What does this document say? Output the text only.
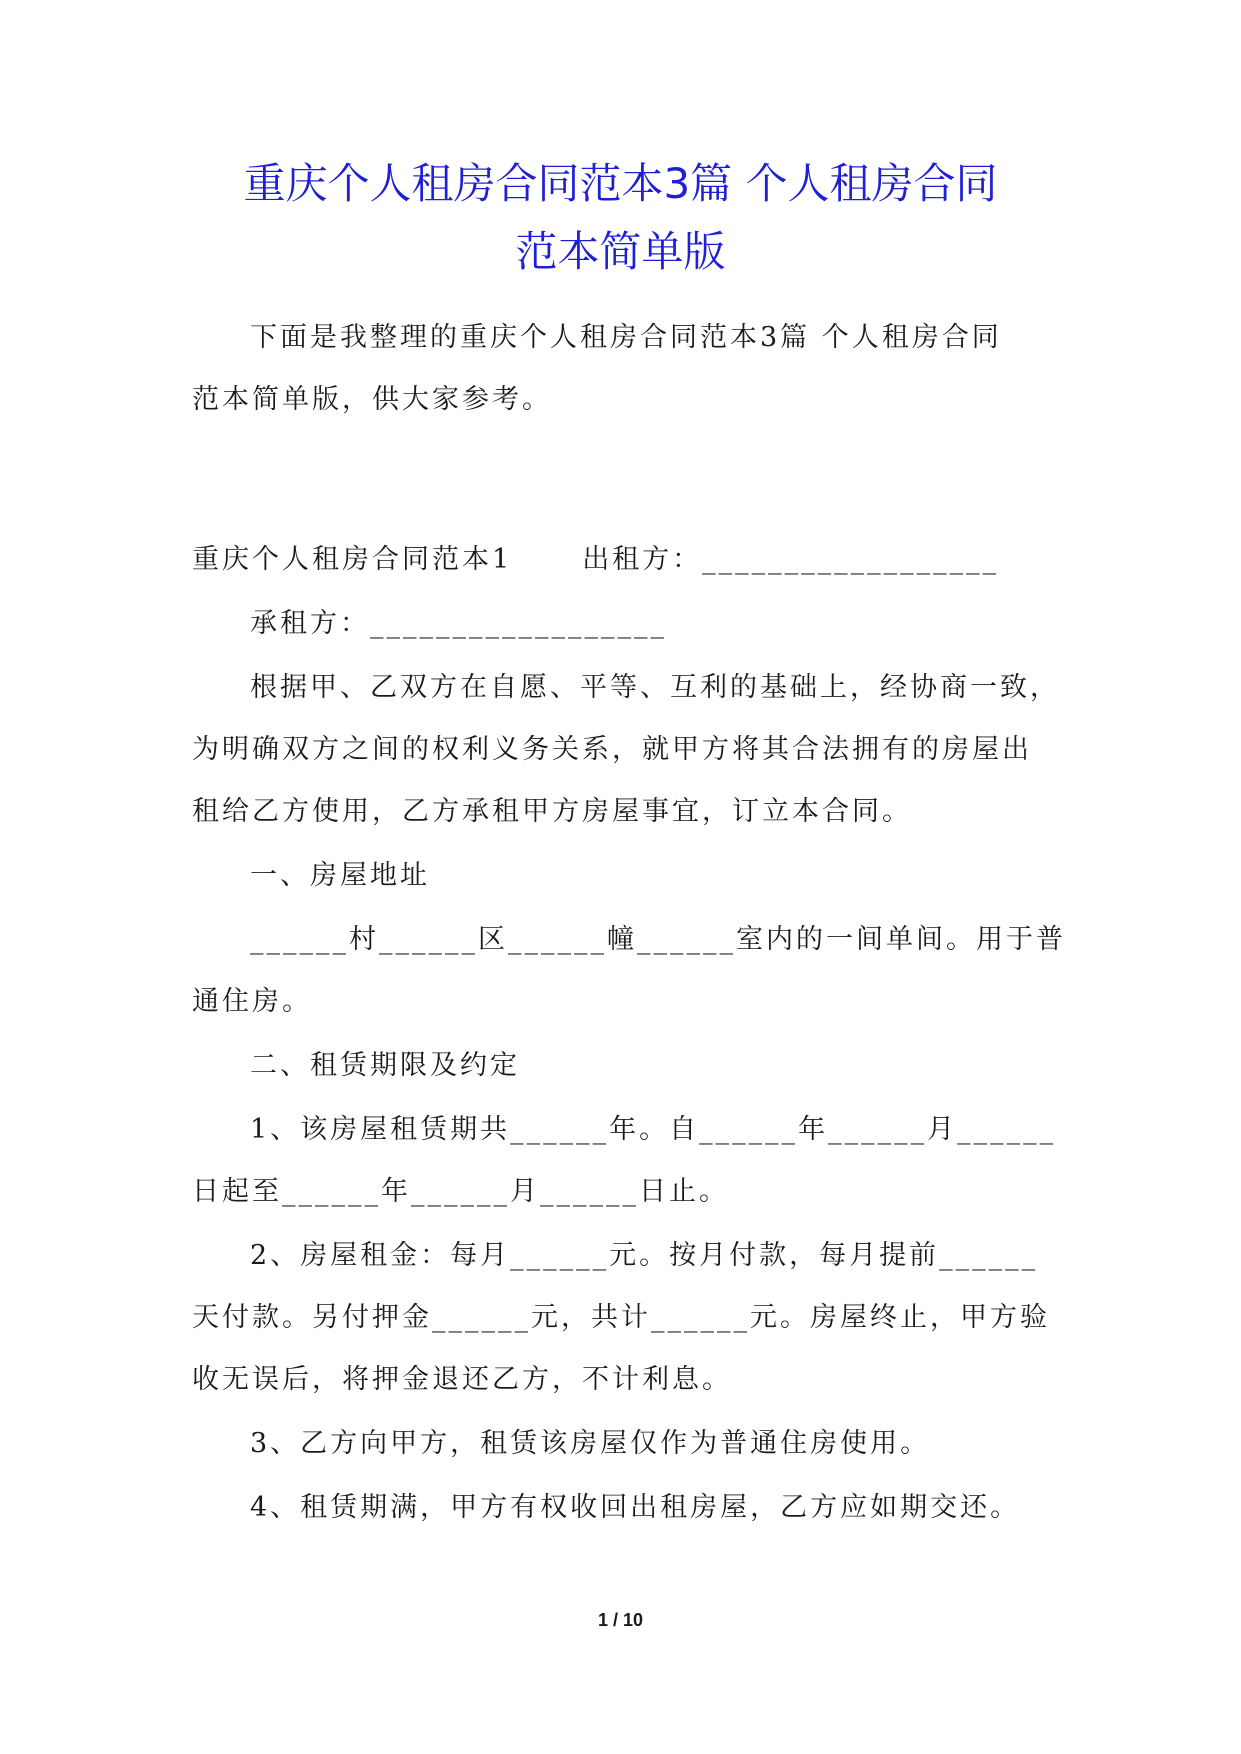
重庆个人租房合同范本3篇 个人租房合同
范本简单版

下面是我整理的重庆个人租房合同范本3篇 个人租房合同

范本简单版，供大家参考。

重庆个人租房合同范本1	出租方：__________________

承租方：__________________

根据甲、乙双方在自愿、平等、互利的基础上，经协商一致，

为明确双方之间的权利义务关系，就甲方将其合法拥有的房屋出

租给乙方使用，乙方承租甲方房屋事宜，订立本合同。

一、房屋地址

______村______区______幢______室内的一间单间。用于普

通住房。

二、租赁期限及约定

1、该房屋租赁期共______年。自______年______月______

日起至______年______月______日止。

2、房屋租金：每月______元。按月付款，每月提前______

天付款。另付押金______元，共计______元。房屋终止，甲方验

收无误后，将押金退还乙方，不计利息。

3、乙方向甲方，租赁该房屋仅作为普通住房使用。

4、租赁期满，甲方有权收回出租房屋，乙方应如期交还。

1 / 10
